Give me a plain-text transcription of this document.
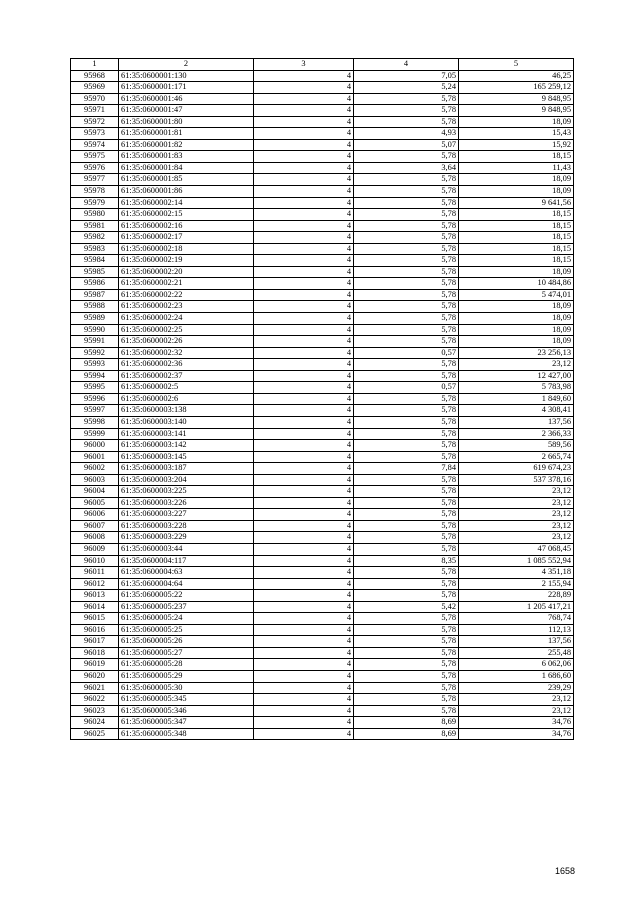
1	2	3	4	5
95968	61:35:0600001:130	4	7,05	46,25
95969	61:35:0600001:171	4	5,24	165 259,12
95970	61:35:0600001:46	4	5,78	9 848,95
95971	61:35:0600001:47	4	5,78	9 848,95
95972	61:35:0600001:80	4	5,78	18,09
95973	61:35:0600001:81	4	4,93	15,43
95974	61:35:0600001:82	4	5,07	15,92
95975	61:35:0600001:83	4	5,78	18,15
95976	61:35:0600001:84	4	3,64	11,43
95977	61:35:0600001:85	4	5,78	18,09
95978	61:35:0600001:86	4	5,78	18,09
95979	61:35:0600002:14	4	5,78	9 641,56
95980	61:35:0600002:15	4	5,78	18,15
95981	61:35:0600002:16	4	5,78	18,15
95982	61:35:0600002:17	4	5,78	18,15
95983	61:35:0600002:18	4	5,78	18,15
95984	61:35:0600002:19	4	5,78	18,15
95985	61:35:0600002:20	4	5,78	18,09
95986	61:35:0600002:21	4	5,78	10 484,86
95987	61:35:0600002:22	4	5,78	5 474,01
95988	61:35:0600002:23	4	5,78	18,09
95989	61:35:0600002:24	4	5,78	18,09
95990	61:35:0600002:25	4	5,78	18,09
95991	61:35:0600002:26	4	5,78	18,09
95992	61:35:0600002:32	4	0,57	23 256,13
95993	61:35:0600002:36	4	5,78	23,12
95994	61:35:0600002:37	4	5,78	12 427,00
95995	61:35:0600002:5	4	0,57	5 783,98
95996	61:35:0600002:6	4	5,78	1 849,60
95997	61:35:0600003:138	4	5,78	4 308,41
95998	61:35:0600003:140	4	5,78	137,56
95999	61:35:0600003:141	4	5,78	2 366,33
96000	61:35:0600003:142	4	5,78	589,56
96001	61:35:0600003:145	4	5,78	2 665,74
96002	61:35:0600003:187	4	7,84	619 674,23
96003	61:35:0600003:204	4	5,78	537 378,16
96004	61:35:0600003:225	4	5,78	23,12
96005	61:35:0600003:226	4	5,78	23,12
96006	61:35:0600003:227	4	5,78	23,12
96007	61:35:0600003:228	4	5,78	23,12
96008	61:35:0600003:229	4	5,78	23,12
96009	61:35:0600003:44	4	5,78	47 068,45
96010	61:35:0600004:117	4	8,35	1 085 552,94
96011	61:35:0600004:63	4	5,78	4 351,18
96012	61:35:0600004:64	4	5,78	2 155,94
96013	61:35:0600005:22	4	5,78	228,89
96014	61:35:0600005:237	4	5,42	1 205 417,21
96015	61:35:0600005:24	4	5,78	768,74
96016	61:35:0600005:25	4	5,78	112,13
96017	61:35:0600005:26	4	5,78	137,56
96018	61:35:0600005:27	4	5,78	255,48
96019	61:35:0600005:28	4	5,78	6 062,06
96020	61:35:0600005:29	4	5,78	1 686,60
96021	61:35:0600005:30	4	5,78	239,29
96022	61:35:0600005:345	4	5,78	23,12
96023	61:35:0600005:346	4	5,78	23,12
96024	61:35:0600005:347	4	8,69	34,76
96025	61:35:0600005:348	4	8,69	34,76
1658
